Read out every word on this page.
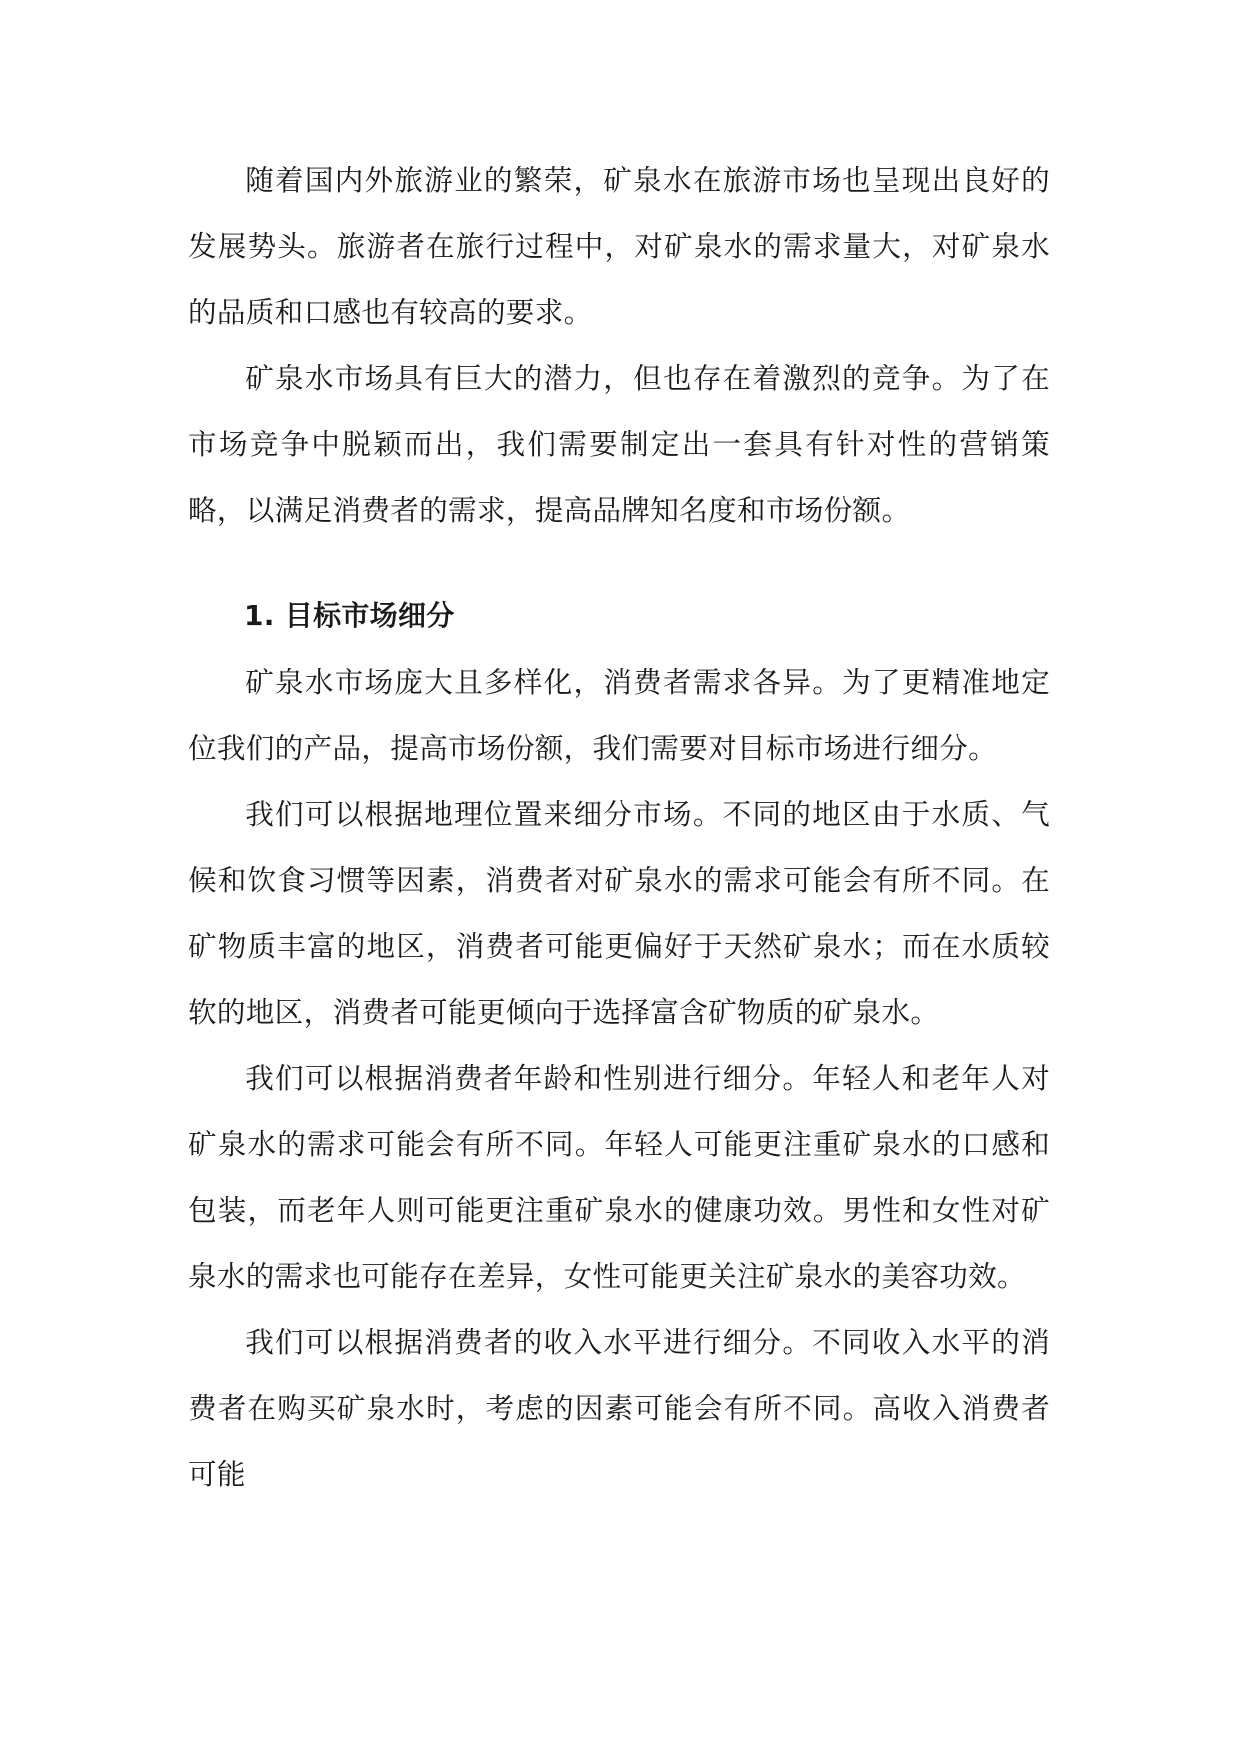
随着国内外旅游业的繁荣，矿泉水在旅游市场也呈现出良好的发展势头。旅游者在旅行过程中，对矿泉水的需求量大，对矿泉水的品质和口感也有较高的要求。

矿泉水市场具有巨大的潜力，但也存在着激烈的竞争。为了在市场竞争中脱颖而出，我们需要制定出一套具有针对性的营销策略，以满足消费者的需求，提高品牌知名度和市场份额。

1. 目标市场细分

矿泉水市场庞大且多样化，消费者需求各异。为了更精准地定位我们的产品，提高市场份额，我们需要对目标市场进行细分。

我们可以根据地理位置来细分市场。不同的地区由于水质、气候和饮食习惯等因素，消费者对矿泉水的需求可能会有所不同。在矿物质丰富的地区，消费者可能更偏好于天然矿泉水；而在水质较软的地区，消费者可能更倾向于选择富含矿物质的矿泉水。

我们可以根据消费者年龄和性别进行细分。年轻人和老年人对矿泉水的需求可能会有所不同。年轻人可能更注重矿泉水的口感和包装，而老年人则可能更注重矿泉水的健康功效。男性和女性对矿泉水的需求也可能存在差异，女性可能更关注矿泉水的美容功效。

我们可以根据消费者的收入水平进行细分。不同收入水平的消费者在购买矿泉水时，考虑的因素可能会有所不同。高收入消费者可能
